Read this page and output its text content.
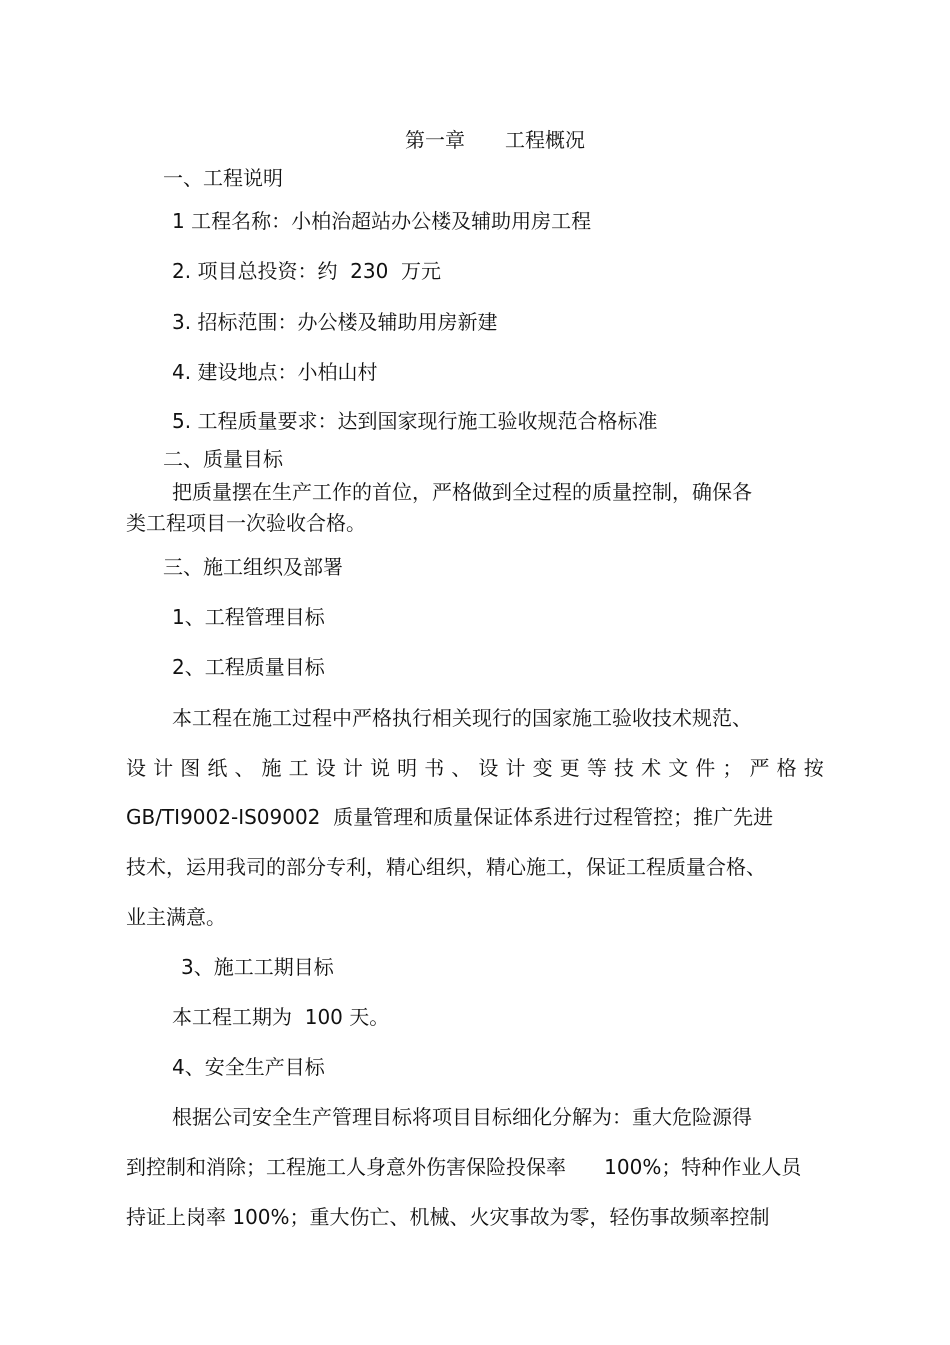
第一章　　工程概况

一、工程说明

1 工程名称：小柏治超站办公楼及辅助用房工程

2. 项目总投资：约  230  万元

3. 招标范围：办公楼及辅助用房新建

4. 建设地点：小柏山村

5. 工程质量要求：达到国家现行施工验收规范合格标准

二、质量目标

把质量摆在生产工作的首位，严格做到全过程的质量控制，确保各

类工程项目一次验收合格。

三、施工组织及部署

1、工程管理目标

2、工程质量目标

本工程在施工过程中严格执行相关现行的国家施工验收技术规范、

设 计 图 纸 、 施 工 设 计 说 明 书 、 设 计 变 更 等 技 术 文 件 ； 严 格 按

GB/TI9002-IS09002  质量管理和质量保证体系进行过程管控；推广先进

技术，运用我司的部分专利，精心组织，精心施工，保证工程质量合格、

业主满意。

3、施工工期目标

本工程工期为  100 天。

4、安全生产目标

根据公司安全生产管理目标将项目目标细化分解为：重大危险源得

到控制和消除；工程施工人身意外伤害保险投保率      100%；特种作业人员

持证上岗率 100%；重大伤亡、机械、火灾事故为零，轻伤事故频率控制
